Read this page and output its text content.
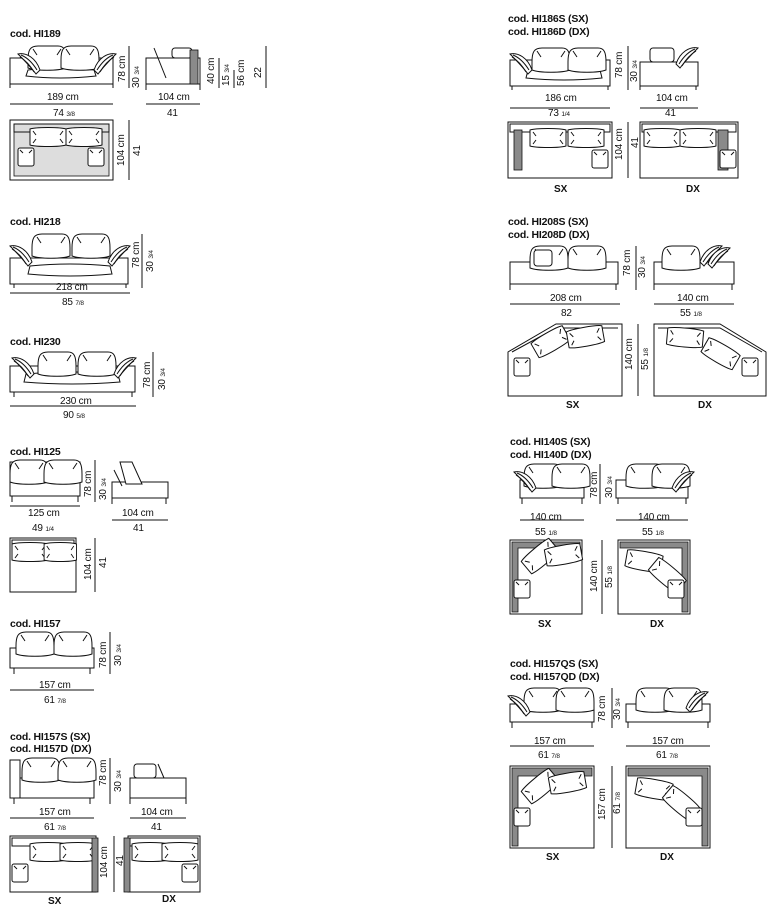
cod. HI189
cod. HI218
cod. HI230
cod. HI125
cod. HI157
cod. HI157S (SX)
cod. HI157D (DX)
cod. HI186S (SX)
cod. HI186D (DX)
cod. HI208S (SX)
cod. HI208D (DX)
cod. HI140S (SX)
cod. HI140D (DX)
cod. HI157QS (SX)
cod. HI157QD (DX)
189 cm
74 3/8
78 cm
30 3/4
104 cm
41
40 cm 15 3/4 56 cm 22
104 cm 41
218 cm
85 7/8
78 cm 30 3/4
230 cm
90 5/8
78 cm 30 3/4
125 cm
49 1/4
78 cm 30 3/4
104 cm
41
104 cm 41
157 cm
61 7/8
78 cm 30 3/4
157 cm
61 7/8
78 cm
30 3/4
104 cm
41
104 cm 41
SX	DX
186 cm
73 1/4
78 cm 30 3/4
104 cm
41
104 cm 41
SX	DX
208 cm
82
78 cm 30 3/4
140 cm
55 1/8
140 cm 55 1/8
SX	DX
140 cm
55 1/8
78 cm 30 3/4
140 cm
55 1/8
140 cm 55 1/8
SX	DX
157 cm
61 7/8
78 cm 30 3/4
157 cm
61 7/8
157 cm 61 7/8
SX	DX
